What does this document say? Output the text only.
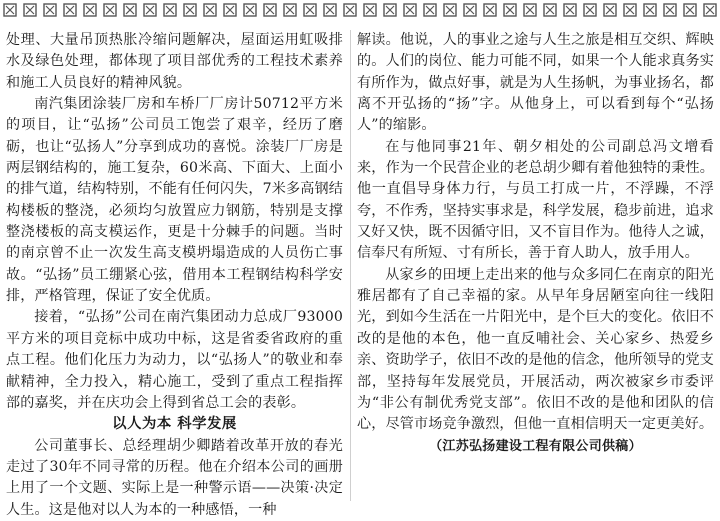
处理、大量吊顶热胀冷缩问题解决，屋面运用虹吸排水及绿色处理，都体现了项目部优秀的工程技术素养和施工人员良好的精神风貌。

南汽集团涂装厂房和车桥厂厂房计50712平方米的项目，让“弘扬”公司员工饱尝了艰辛，经历了磨砺，也让“弘扬人”分享到成功的喜悦。涂装厂厂房是两层钢结构的，施工复杂，60米高、下面大、上面小的排气道，结构特别，不能有任何闪失，7米多高钢结构楼板的整浇，必须均匀放置应力钢筋，特别是支撑整浇楼板的高支模运作，更是十分棘手的问题。当时的南京曾不止一次发生高支模坍塌造成的人员伤亡事故。“弘扬”员工绷紧心弦，借用本工程钢结构科学安排，严格管理，保证了安全优质。

接着，“弘扬”公司在南汽集团动力总成厂93000平方米的项目竞标中成功中标，这是省委省政府的重点工程。他们化压力为动力，以“弘扬人”的敬业和奉献精神，全力投入，精心施工，受到了重点工程指挥部的嘉奖，并在庆功会上得到省总工会的表彰。

以人为本 科学发展

公司董事长、总经理胡少卿踏着改革开放的春光走过了30年不同寻常的历程。他在介绍本公司的画册上用了一个文题、实际上是一种警示语——决策·决定人生。这是他对以人为本的一种感悟，一种

解读。他说，人的事业之途与人生之旅是相互交织、辉映的。人们的岗位、能力可能不同，如果一个人能求真务实有所作为，做点好事，就是为人生扬帆，为事业扬名，都离不开弘扬的“扬”字。从他身上，可以看到每个“弘扬人”的缩影。

在与他同事21年、朝夕相处的公司副总冯文增看来，作为一个民营企业的老总胡少卿有着他独特的秉性。他一直倡导身体力行，与员工打成一片，不浮躁，不浮夸，不作秀，坚持实事求是，科学发展，稳步前进，追求又好又快，既不因循守旧，又不盲目作为。他待人之诚，信奉尺有所短、寸有所长，善于育人助人，放手用人。

从家乡的田埂上走出来的他与众多同仁在南京的阳光雅居都有了自己幸福的家。从早年身居陋室向往一线阳光，到如今生活在一片阳光中，是个巨大的变化。依旧不改的是他的本色，他一直反哺社会、关心家乡、热爱乡亲、资助学子，依旧不改的是他的信念，他所领导的党支部，坚持每年发展党员，开展活动，两次被家乡市委评为“非公有制优秀党支部”。依旧不改的是他和团队的信心，尽管市场竞争激烈，但他一直相信明天一定更美好。

（江苏弘扬建设工程有限公司供稿）
